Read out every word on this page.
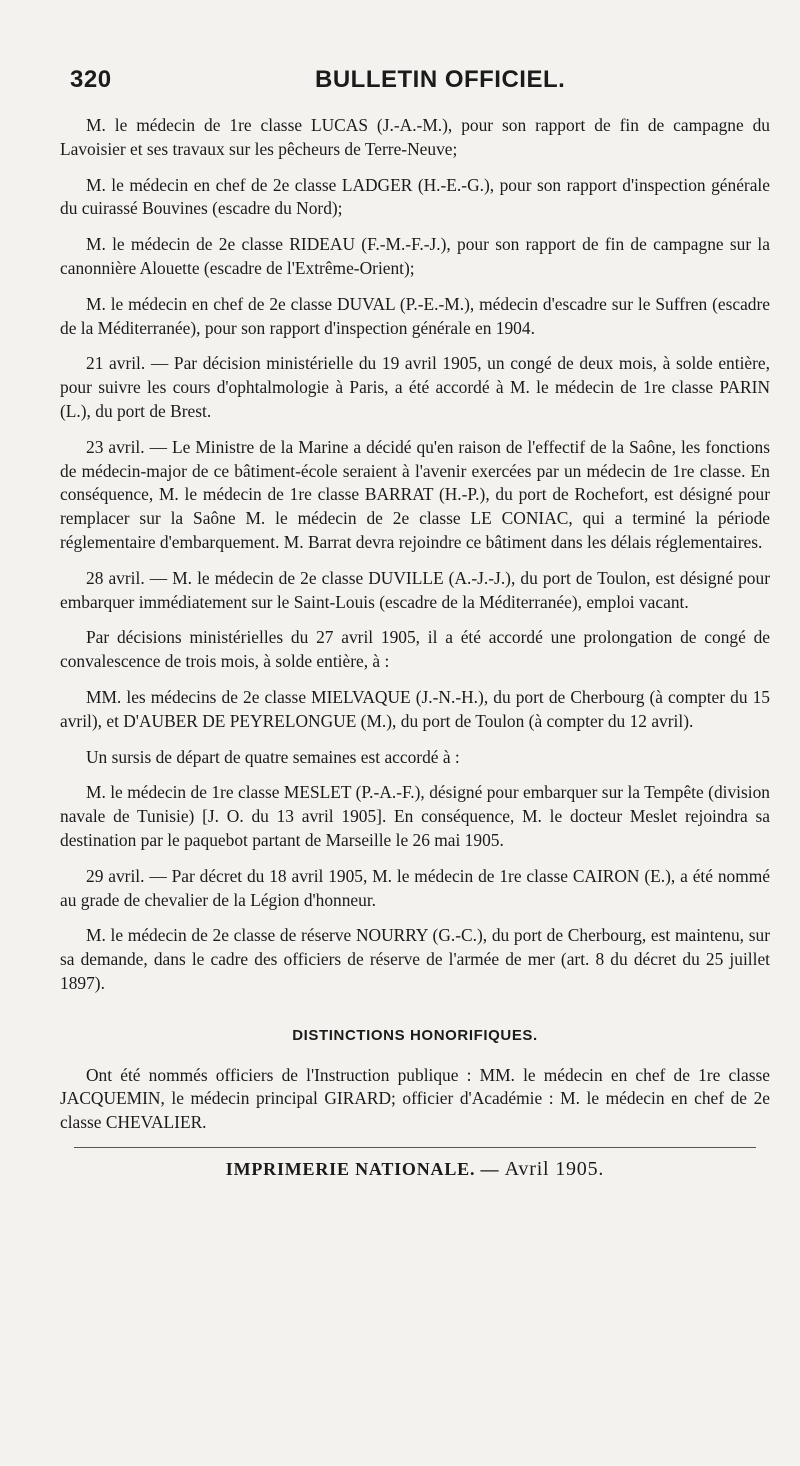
320	BULLETIN OFFICIEL.

M. le médecin de 1re classe LUCAS (J.-A.-M.), pour son rapport de fin de campagne du Lavoisier et ses travaux sur les pêcheurs de Terre-Neuve;

M. le médecin en chef de 2e classe LADGER (H.-E.-G.), pour son rapport d'inspection générale du cuirassé Bouvines (escadre du Nord);

M. le médecin de 2e classe RIDEAU (F.-M.-F.-J.), pour son rapport de fin de campagne sur la canonnière Alouette (escadre de l'Extrême-Orient);

M. le médecin en chef de 2e classe DUVAL (P.-E.-M.), médecin d'escadre sur le Suffren (escadre de la Méditerranée), pour son rapport d'inspection générale en 1904.

21 avril. — Par décision ministérielle du 19 avril 1905, un congé de deux mois, à solde entière, pour suivre les cours d'ophtalmologie à Paris, a été accordé à M. le médecin de 1re classe PARIN (L.), du port de Brest.

23 avril. — Le Ministre de la Marine a décidé qu'en raison de l'effectif de la Saône, les fonctions de médecin-major de ce bâtiment-école seraient à l'avenir exercées par un médecin de 1re classe. En conséquence, M. le médecin de 1re classe BARRAT (H.-P.), du port de Rochefort, est désigné pour remplacer sur la Saône M. le médecin de 2e classe LE CONIAC, qui a terminé la période réglementaire d'embarquement. M. Barrat devra rejoindre ce bâtiment dans les délais réglementaires.

28 avril. — M. le médecin de 2e classe DUVILLE (A.-J.-J.), du port de Toulon, est désigné pour embarquer immédiatement sur le Saint-Louis (escadre de la Méditerranée), emploi vacant.

Par décisions ministérielles du 27 avril 1905, il a été accordé une prolongation de congé de convalescence de trois mois, à solde entière, à :

MM. les médecins de 2e classe MIELVAQUE (J.-N.-H.), du port de Cherbourg (à compter du 15 avril), et D'AUBER DE PEYRELONGUE (M.), du port de Toulon (à compter du 12 avril).

Un sursis de départ de quatre semaines est accordé à :

M. le médecin de 1re classe MESLET (P.-A.-F.), désigné pour embarquer sur la Tempête (division navale de Tunisie) [J. O. du 13 avril 1905]. En conséquence, M. le docteur Meslet rejoindra sa destination par le paquebot partant de Marseille le 26 mai 1905.

29 avril. — Par décret du 18 avril 1905, M. le médecin de 1re classe CAIRON (E.), a été nommé au grade de chevalier de la Légion d'honneur.

M. le médecin de 2e classe de réserve NOURRY (G.-C.), du port de Cherbourg, est maintenu, sur sa demande, dans le cadre des officiers de réserve de l'armée de mer (art. 8 du décret du 25 juillet 1897).

DISTINCTIONS HONORIFIQUES.

Ont été nommés officiers de l'Instruction publique : MM. le médecin en chef de 1re classe JACQUEMIN, le médecin principal GIRARD; officier d'Académie : M. le médecin en chef de 2e classe CHEVALIER.

IMPRIMERIE NATIONALE. — Avril 1905.
